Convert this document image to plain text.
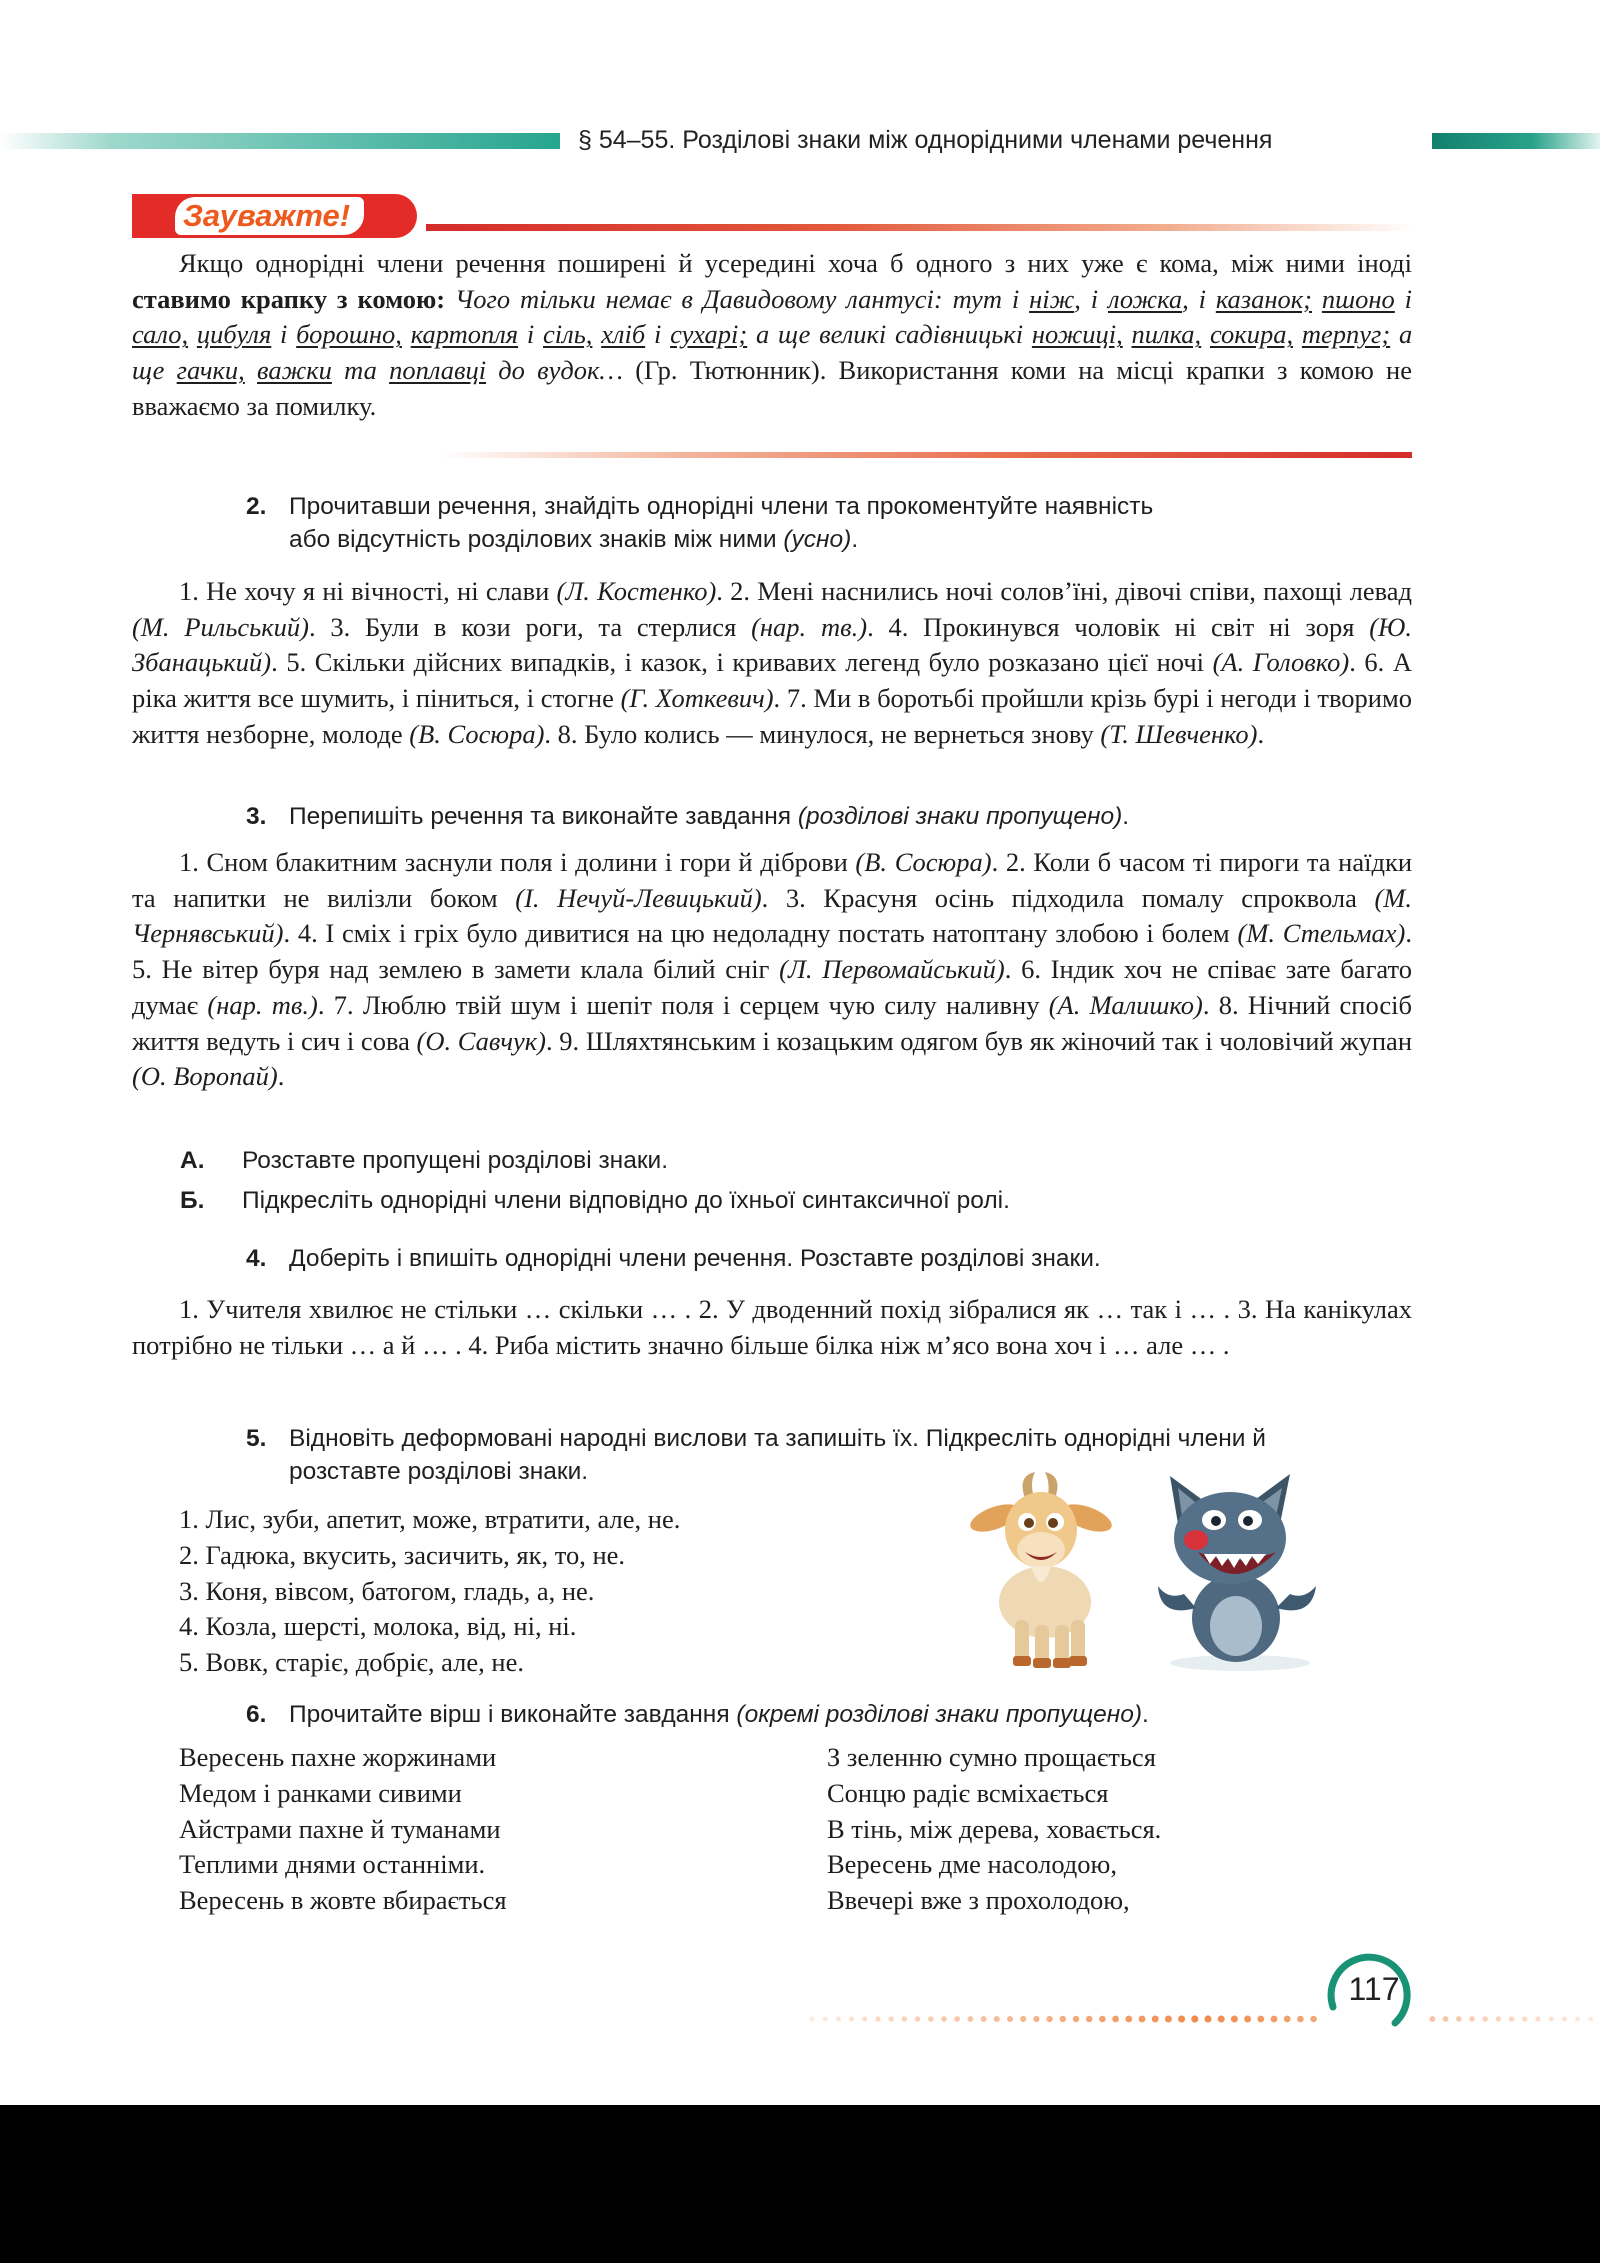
§ 54–55. Розділові знаки між однорідними членами речення
Зауважте!

Якщо однорідні члени речення поширені й усередині хоча б одного з них уже є кома, між ними іноді ставимо крапку з комою: Чого тільки немає в Давидовому лантусі: тут і ніж, і ложка, і казанок; пшоно і сало, цибуля і борошно, картопля і сіль, хліб і сухарі; а ще великі садівницькі ножиці, пилка, сокира, терпуг; а ще гачки, важки та поплавці до вудок… (Гр. Тютюнник). Використання коми на місці крапки з комою не вважаємо за помилку.

2. Прочитавши речення, знайдіть однорідні члени та прокоментуйте наявність або відсутність розділових знаків між ними (усно).

1. Не хочу я ні вічності, ні слави (Л. Костенко). 2. Мені наснились ночі солов’їні, дівочі співи, пахощі левад (М. Рильський). 3. Були в кози роги, та стерлися (нар. тв.). 4. Прокинувся чоловік ні світ ні зоря (Ю. Збанацький). 5. Скільки дійсних випадків, і казок, і кривавих легенд було розказано цієї ночі (А. Головко). 6. А ріка життя все шумить, і піниться, і стогне (Г. Хоткевич). 7. Ми в боротьбі пройшли крізь бурі і негоди і творимо життя незборне, молоде (В. Сосюра). 8. Було колись — минулося, не вернеться знову (Т. Шевченко).

3. Перепишіть речення та виконайте завдання (розділові знаки пропущено).

1. Сном блакитним заснули поля і долини і гори й діброви (В. Сосюра). 2. Коли б часом ті пироги та наїдки та напитки не вилізли боком (І. Нечуй-Левицький). 3. Красуня осінь підходила помалу спроквола (М. Чернявський). 4. І сміх і гріх було дивитися на цю недоладну постать натоптану злобою і болем (М. Стельмах). 5. Не вітер буря над землею в замети клала білий сніг (Л. Первомайський). 6. Індик хоч не співає зате багато думає (нар. тв.). 7. Люблю твій шум і шепіт поля і серцем чую силу наливну (А. Малишко). 8. Нічний спосіб життя ведуть і сич і сова (О. Савчук). 9. Шляхтянським і козацьким одягом був як жіночий так і чоловічий жупан (О. Воропай).

А. Розставте пропущені розділові знаки.
Б. Підкресліть однорідні члени відповідно до їхньої синтаксичної ролі.
4. Доберіть і впишіть однорідні члени речення. Розставте розділові знаки.

1. Учителя хвилює не стільки … скільки … . 2. У дводенний похід зібралися як … так і … . 3. На канікулах потрібно не тільки … а й … . 4. Риба містить значно більше білка ніж м’ясо вона хоч і … але … .

5. Відновіть деформовані народні вислови та запишіть їх. Підкресліть однорідні члени й розставте розділові знаки.
1. Лис, зуби, апетит, може, втратити, але, не.
2. Гадюка, вкусить, засичить, як, то, не.
3. Коня, вівсом, батогом, гладь, а, не.
4. Козла, шерсті, молока, від, ні, ні.
5. Вовк, старіє, добріє, але, не.
6. Прочитайте вірш і виконайте завдання (окремі розділові знаки пропущено).
Вересень пахне жоржинами
Медом і ранками сивими
Айстрами пахне й туманами
Теплими днями останніми.
Вересень в жовте вбирається
З зеленню сумно прощається
Сонцю радіє всміхається
В тінь, між дерева, ховається.
Вересень дме насолодою,
Ввечері вже з прохолодою,
117
